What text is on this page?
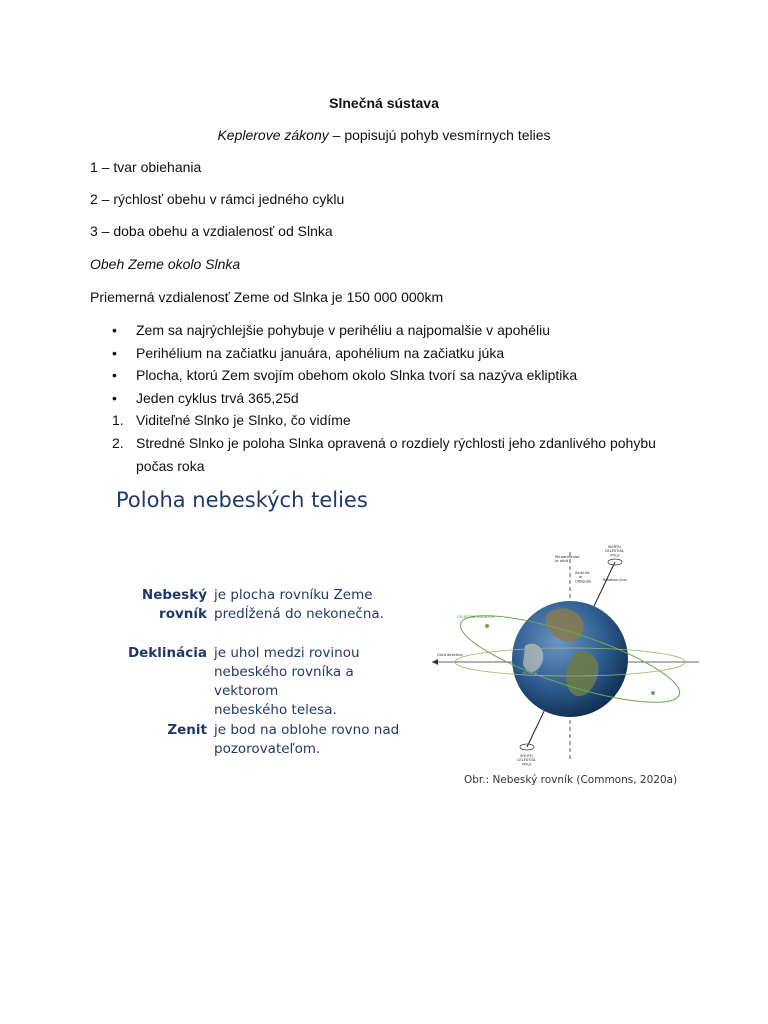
Slnečná sústava
Keplerove zákony – popisujú pohyb vesmírnych telies
1 – tvar obiehania
2 – rýchlosť obehu v rámci jedného cyklu
3 – doba obehu a vzdialenosť od Slnka
Obeh Zeme okolo Slnka
Priemerná vzdialenosť Zeme od Slnka je 150 000 000km
•
Zem sa najrýchlejšie pohybuje v perihéliu a najpomalšie v apohéliu
•
Perihélium na začiatku januára, apohélium na začiatku júka
•
Plocha, ktorú Zem svojím obehom okolo Slnka tvorí sa nazýva ekliptika
•
Jeden cyklus trvá 365,25d
1. Viditeľné Slnko je Slnko, čo vidíme
2. Stredné Slnko je poloha Slnka opravená o rozdiely rýchlosti jeho zdanlivého pohybu
počas roka
Poloha nebeských telies
Nebeský rovník
je plocha rovníku Zeme
predĺžená do nekonečna.
Deklinácia je uhol medzi rovinou
nebeského rovníka a vektorom
nebeského telesa.
Zenit je bod na oblohe rovno nad
pozorovateľom.
NORTH CELESTIAL POLE
Perpendicular to orbit
Axial tilt or Obliquity	Rotation Axis
CELESTIAL EQUATOR
Orbit direction
ECLIPTIC
SOUTH CELESTIAL POLE
Obr.: Nebeský rovník (Commons, 2020a)
